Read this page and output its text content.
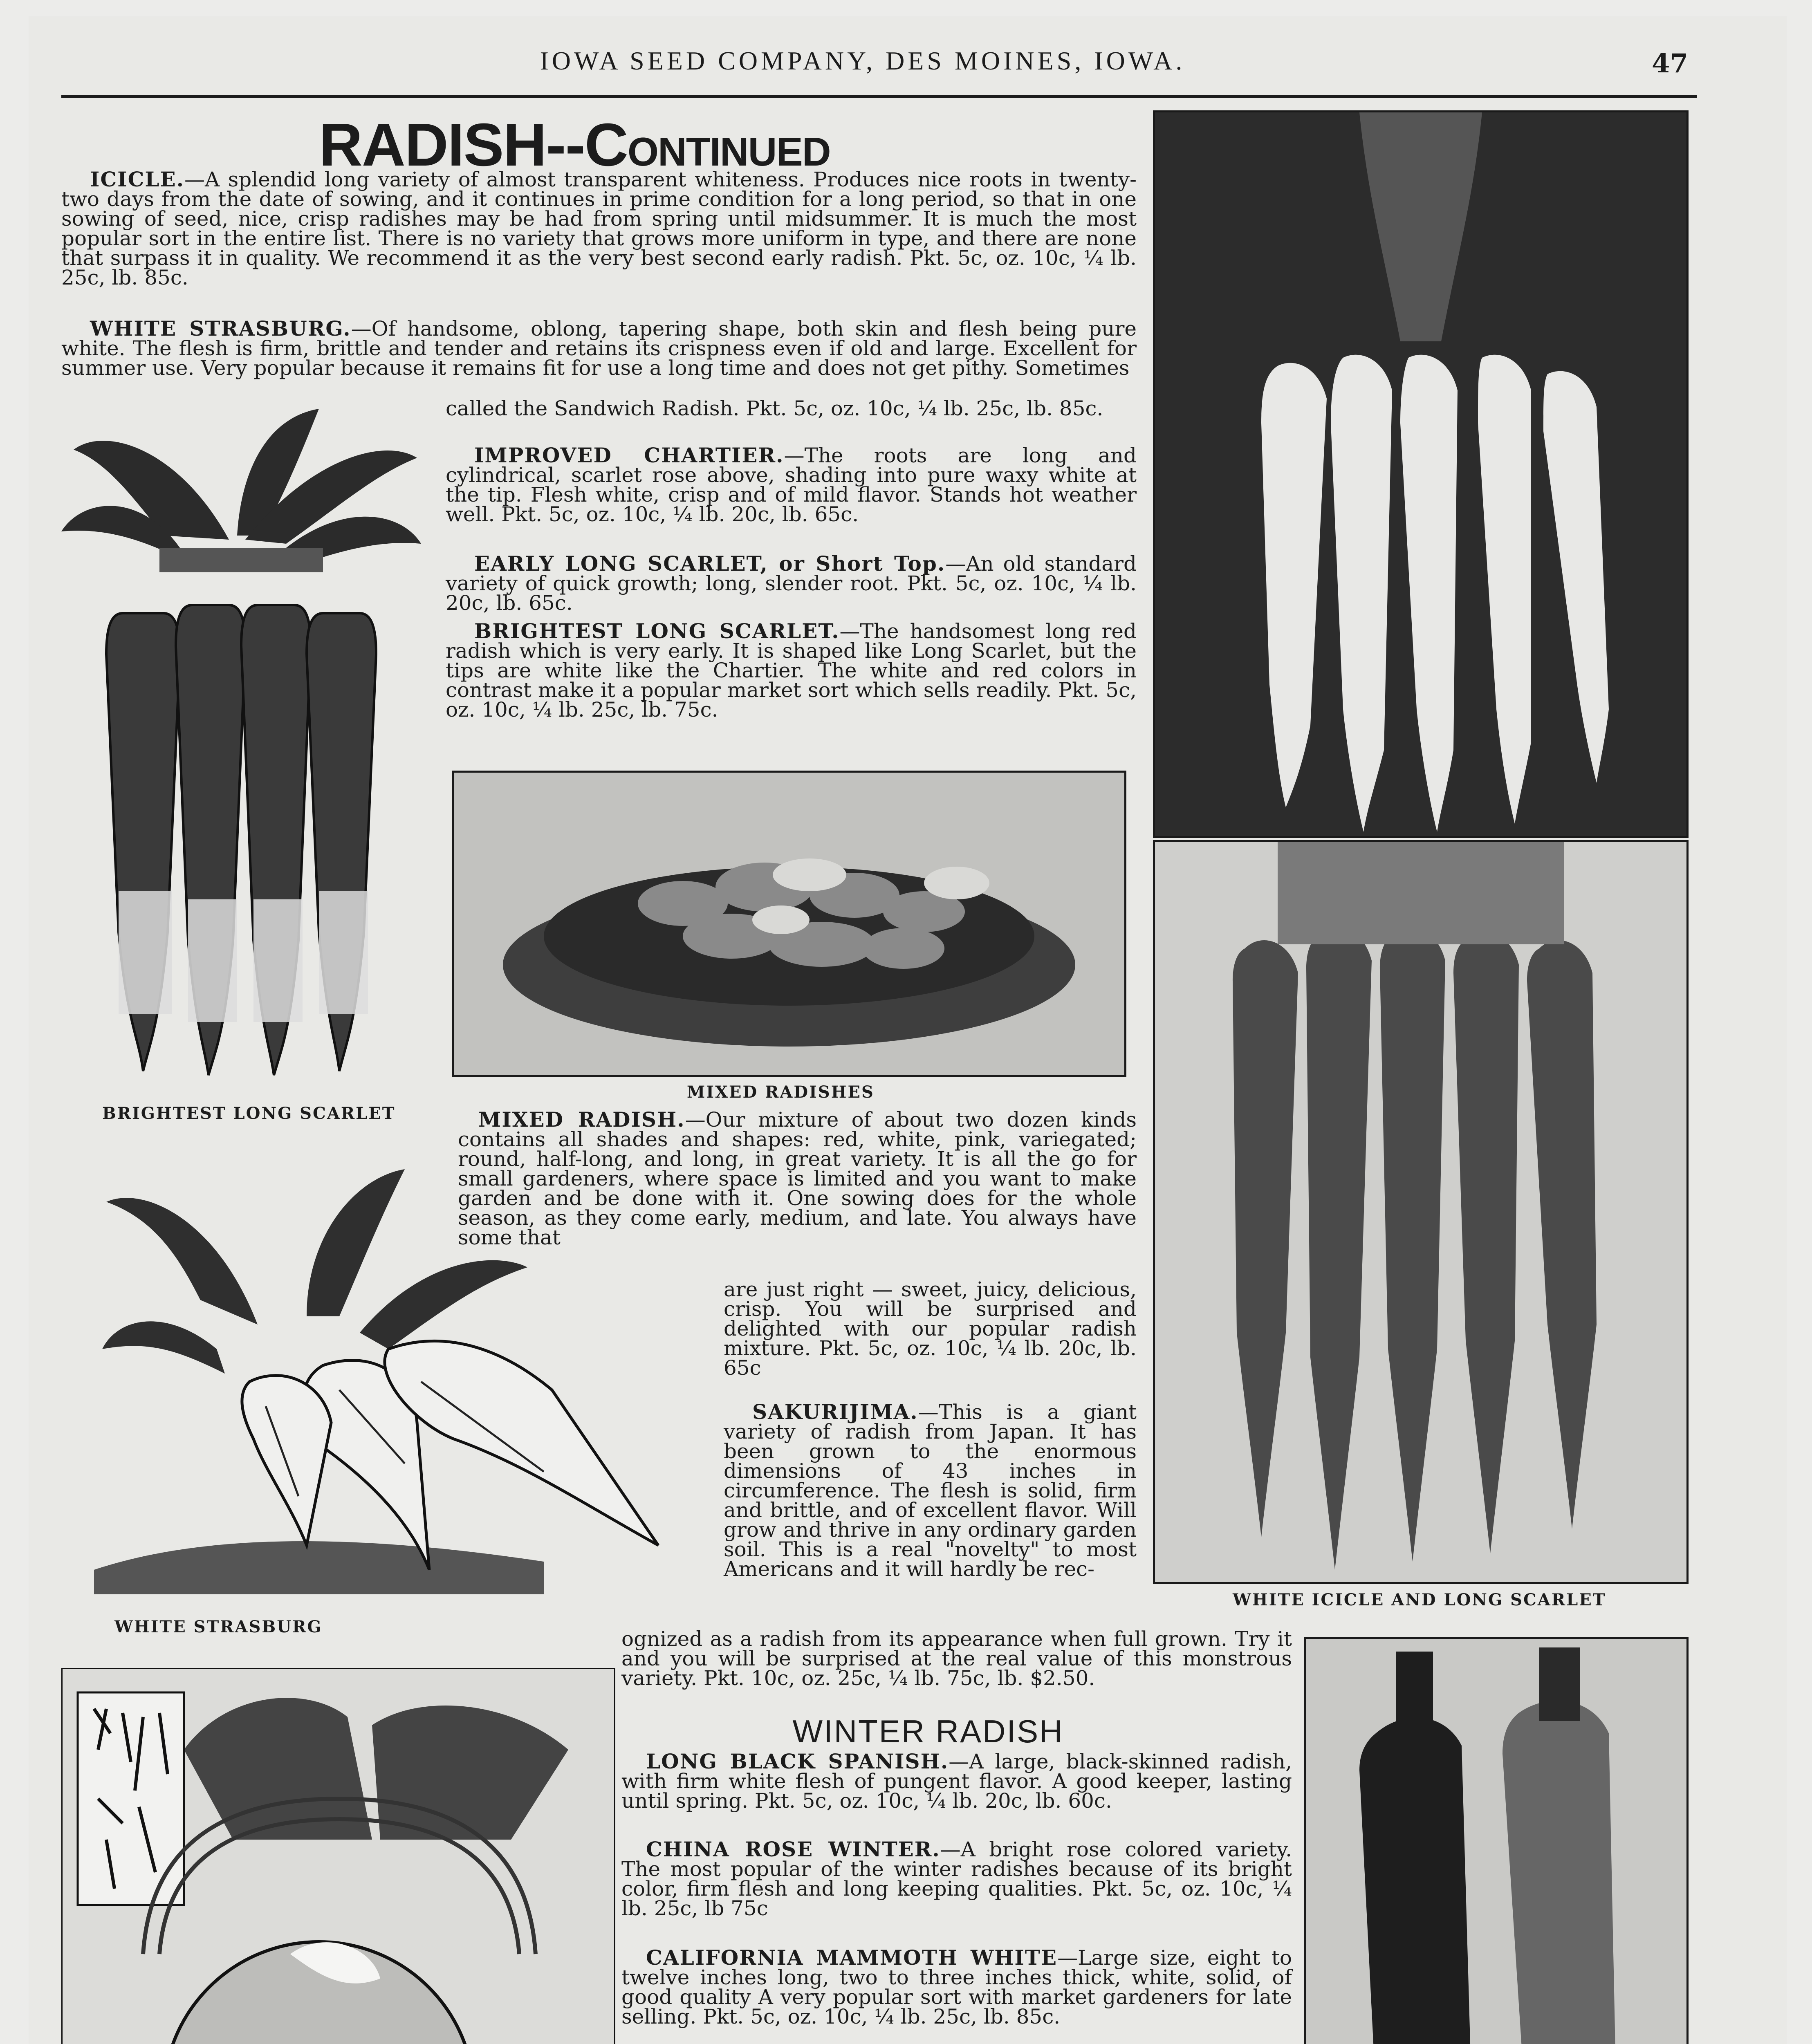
IOWA SEED COMPANY, DES MOINES, IOWA.	47
RADISH--CONTINUED
ICICLE.—A splendid long variety of almost transparent whiteness. Produces nice roots in twenty-two days from the date of sowing, and it continues in prime condition for a long period, so that in one sowing of seed, nice, crisp radishes may be had from spring until midsummer. It is much the most popular sort in the entire list. There is no variety that grows more uniform in type, and there are none that surpass it in quality. We recommend it as the very best second early radish. Pkt. 5c, oz. 10c, ¼ lb. 25c, lb. 85c.
WHITE STRASBURG.—Of handsome, oblong, tapering shape, both skin and flesh being pure white. The flesh is firm, brittle and tender and retains its crispness even if old and large. Excellent for summer use. Very popular because it remains fit for use a long time and does not get pithy. Sometimes
called the Sandwich Radish. Pkt. 5c, oz. 10c, ¼ lb. 25c, lb. 85c.
IMPROVED CHARTIER.—The roots are long and cylindrical, scarlet rose above, shading into pure waxy white at the tip. Flesh white, crisp and of mild flavor. Stands hot weather well. Pkt. 5c, oz. 10c, ¼ lb. 20c, lb. 65c.
EARLY LONG SCARLET, or Short Top.—An old standard variety of quick growth; long, slender root. Pkt. 5c, oz. 10c, ¼ lb. 20c, lb. 65c.
BRIGHTEST LONG SCARLET.—The handsomest long red radish which is very early. It is shaped like Long Scarlet, but the tips are white like the Chartier. The white and red colors in contrast make it a popular market sort which sells readily. Pkt. 5c, oz. 10c, ¼ lb. 25c, lb. 75c.
BRIGHTEST LONG SCARLET
MIXED RADISHES
MIXED RADISH.—Our mixture of about two dozen kinds contains all shades and shapes: red, white, pink, variegated; round, half-long, and long, in great variety. It is all the go for small gardeners, where space is limited and you want to make garden and be done with it. One sowing does for the whole season, as they come early, medium, and late. You always have some that
are just right — sweet, juicy, delicious, crisp. You will be surprised and delighted with our popular radish mixture. Pkt. 5c, oz. 10c, ¼ lb. 20c, lb. 65c
SAKURIJIMA.—This is a giant variety of radish from Japan. It has been grown to the enormous dimensions of 43 inches in circumference. The flesh is solid, firm and brittle, and of excellent flavor. Will grow and thrive in any ordinary garden soil. This is a real "novelty" to most Americans and it will hardly be rec-
ognized as a radish from its appearance when full grown. Try it and you will be surprised at the real value of this monstrous variety. Pkt. 10c, oz. 25c, ¼ lb. 75c, lb. $2.50.
WHITE STRASBURG
WHITE ICICLE AND LONG SCARLET
WINTER RADISH
LONG BLACK SPANISH.—A large, black-skinned radish, with firm white flesh of pungent flavor. A good keeper, lasting until spring. Pkt. 5c, oz. 10c, ¼ lb. 20c, lb. 60c.
CHINA ROSE WINTER.—A bright rose colored variety. The most popular of the winter radishes because of its bright color, firm flesh and long keeping qualities. Pkt. 5c, oz. 10c, ¼ lb. 25c, lb 75c
CALIFORNIA MAMMOTH WHITE—Large size, eight to twelve inches long, two to three inches thick, white, solid, of good quality A very popular sort with market gardeners for late selling. Pkt. 5c, oz. 10c, ¼ lb. 25c, lb. 85c.
